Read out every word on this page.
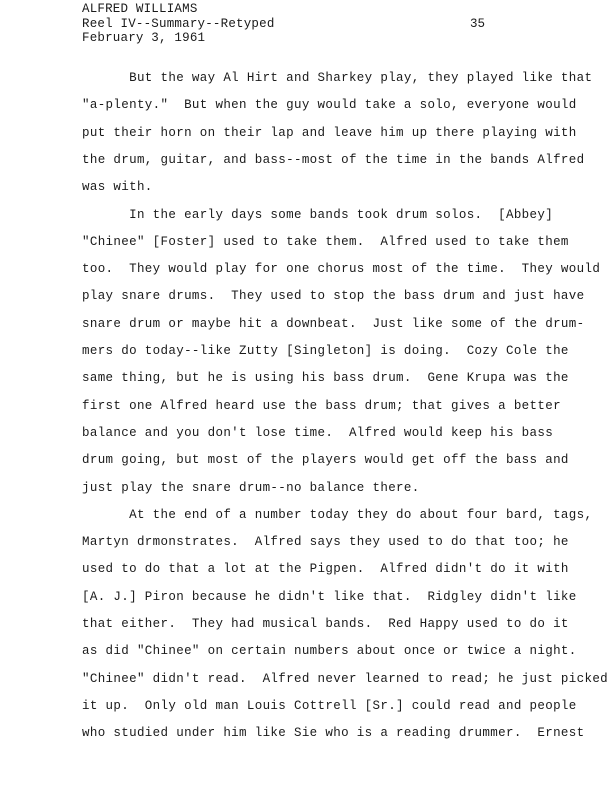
ALFRED WILLIAMS
Reel IV--Summary--Retyped
February 3, 1961
35
But the way Al Hirt and Sharkey play, they played like that
"a-plenty."  But when the guy would take a solo, everyone would
put their horn on their lap and leave him up there playing with
the drum, guitar, and bass--most of the time in the bands Alfred
was with.
In the early days some bands took drum solos.  [Abbey]
"Chinee" [Foster] used to take them.  Alfred used to take them
too.  They would play for one chorus most of the time.  They would
play snare drums.  They used to stop the bass drum and just have
snare drum or maybe hit a downbeat.  Just like some of the drum-
mers do today--like Zutty [Singleton] is doing.  Cozy Cole the
same thing, but he is using his bass drum.  Gene Krupa was the
first one Alfred heard use the bass drum; that gives a better
balance and you don't lose time.  Alfred would keep his bass
drum going, but most of the players would get off the bass and
just play the snare drum--no balance there.
At the end of a number today they do about four bard, tags,
Martyn drmonstrates.  Alfred says they used to do that too; he
used to do that a lot at the Pigpen.  Alfred didn't do it with
[A. J.] Piron because he didn't like that.  Ridgley didn't like
that either.  They had musical bands.  Red Happy used to do it
as did "Chinee" on certain numbers about once or twice a night.
"Chinee" didn't read.  Alfred never learned to read; he just picked
it up.  Only old man Louis Cottrell [Sr.] could read and people
who studied under him like Sie who is a reading drummer.  Ernest
